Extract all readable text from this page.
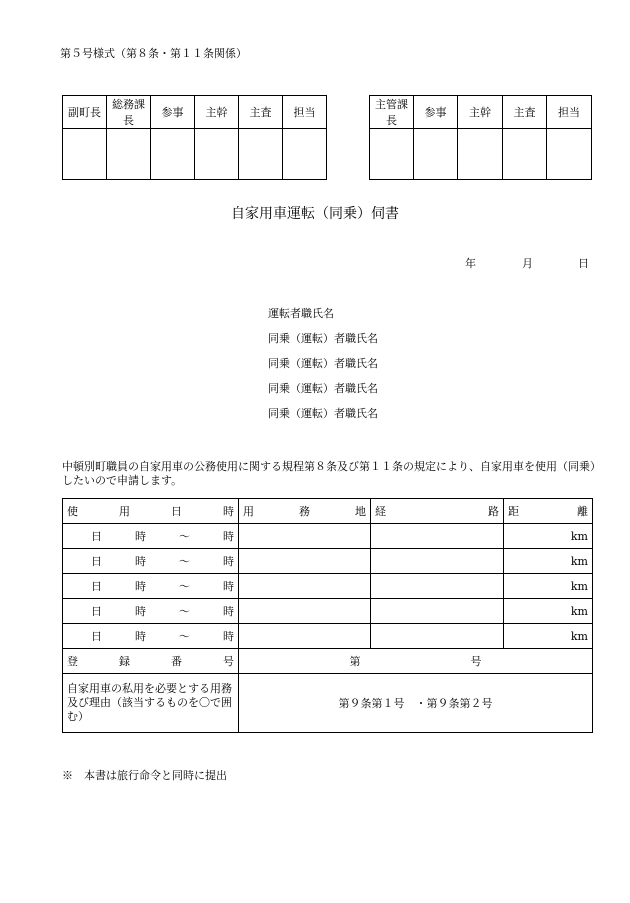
第５号様式（第８条・第１１条関係）
副町長	総務課長	参事	主幹	主査	担当

主管課長	参事	主幹	主査	担当

自家用車運転（同乗）伺書
年	月	日
運転者職氏名
同乗（運転）者職氏名
同乗（運転）者職氏名
同乗（運転）者職氏名
同乗（運転）者職氏名
中頓別町職員の自家用車の公務使用に関する規程第８条及び第１１条の規定により、自家用車を使用（同乗）したいので申請します。
使 用 日 時	用 務 地	経 路	距 離

日 時 〜 時			km

日 時 〜 時			km

日 時 〜 時			km

日 時 〜 時			km

日 時 〜 時			km

登 録 番 号	第 号		

自家用車の私用を必要とする用務及び理由（該当するものを〇で囲む）	第９条第１号　・第９条第２号		
※　本書は旅行命令と同時に提出
